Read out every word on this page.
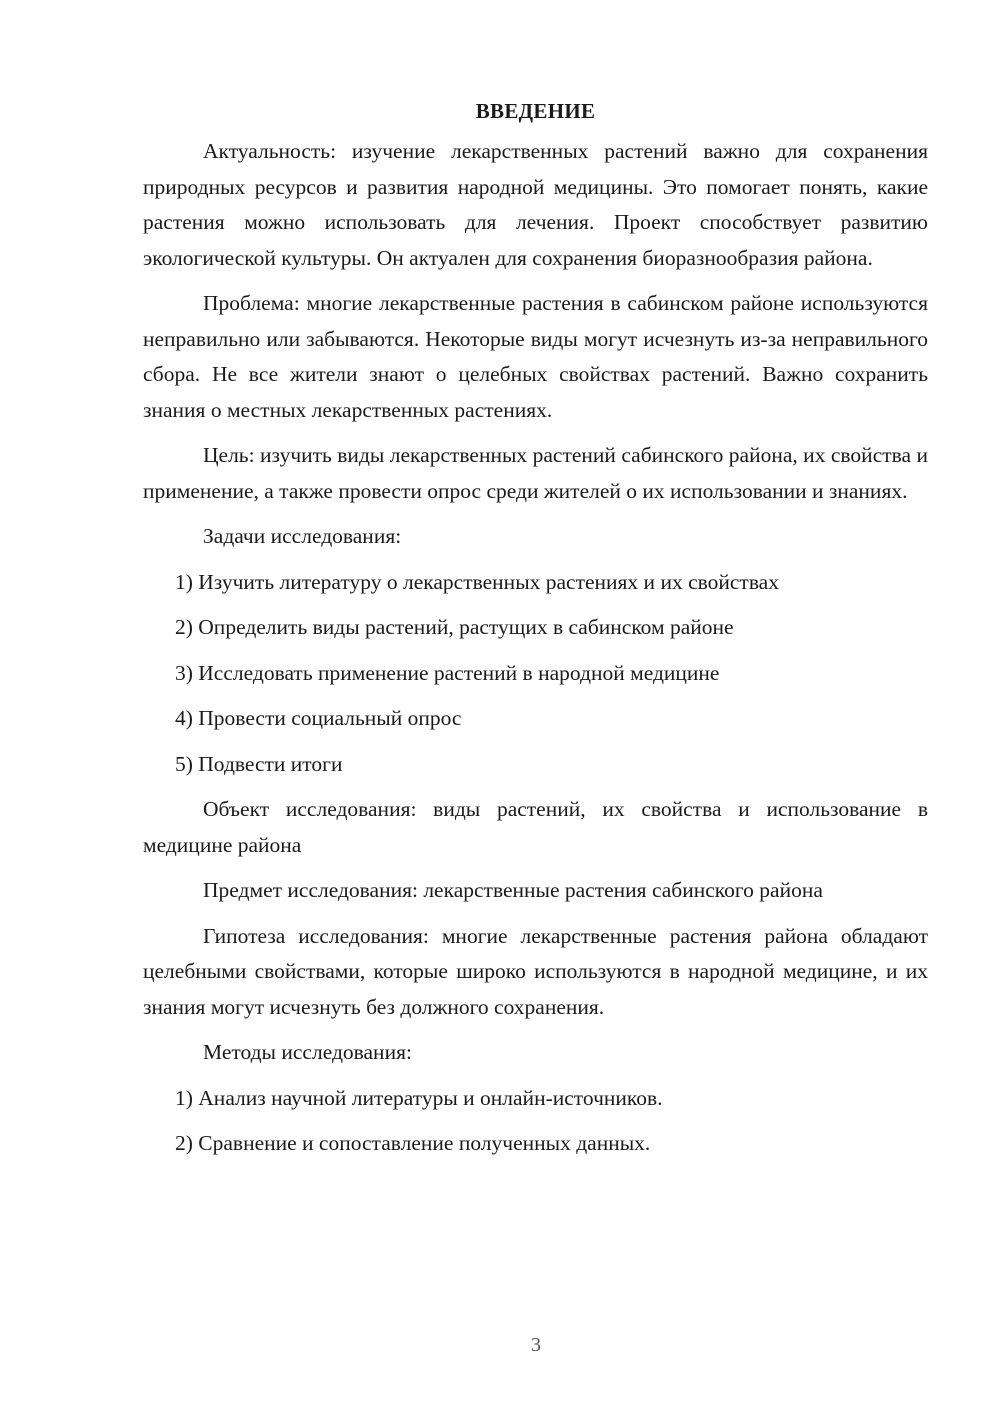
ВВЕДЕНИЕ

Актуальность: изучение лекарственных растений важно для сохранения природных ресурсов и развития народной медицины. Это помогает понять, какие растения можно использовать для лечения. Проект способствует развитию экологической культуры. Он актуален для сохранения биоразнообразия района.

Проблема: многие лекарственные растения в сабинском районе используются неправильно или забываются. Некоторые виды могут исчезнуть из-за неправильного сбора. Не все жители знают о целебных свойствах растений. Важно сохранить знания о местных лекарственных растениях.

Цель: изучить виды лекарственных растений сабинского района, их свойства и применение, а также провести опрос среди жителей о их использовании и знаниях.

Задачи исследования:

1) Изучить литературу о лекарственных растениях и их свойствах

2) Определить виды растений, растущих в сабинском районе

3) Исследовать применение растений в народной медицине

4) Провести социальный опрос

5) Подвести итоги

Объект исследования: виды растений, их свойства и использование в медицине района

Предмет исследования: лекарственные растения сабинского района

Гипотеза исследования: многие лекарственные растения района обладают целебными свойствами, которые широко используются в народной медицине, и их знания могут исчезнуть без должного сохранения.

Методы исследования:

1) Анализ научной литературы и онлайн-источников.

2) Сравнение и сопоставление полученных данных.

3
